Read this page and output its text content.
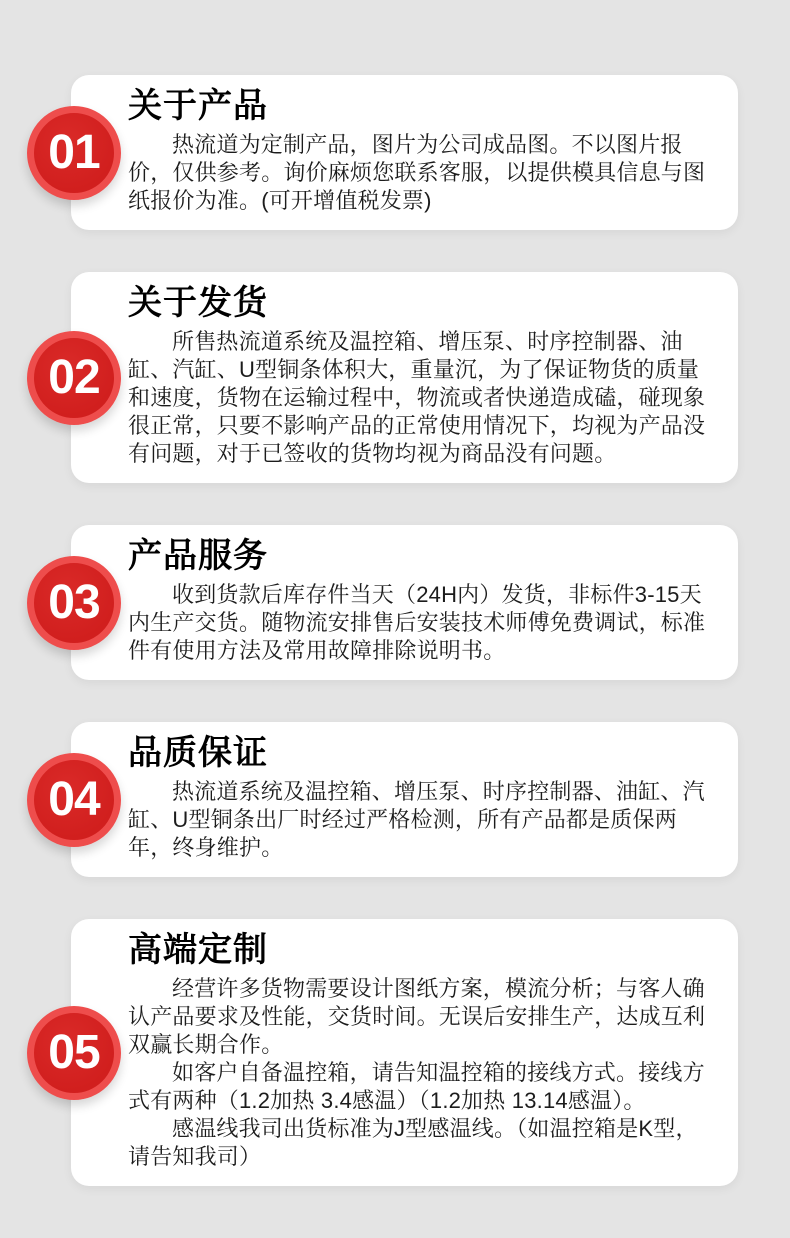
01
关于产品

热流道为定制产品，图片为公司成品图。不以图片报价，仅供参考。询价麻烦您联系客服，以提供模具信息与图纸报价为准。(可开增值税发票)

02
关于发货

所售热流道系统及温控箱、增压泵、时序控制器、油缸、汽缸、U型铜条体积大，重量沉，为了保证物货的质量和速度，货物在运输过程中，物流或者快递造成磕，碰现象很正常，只要不影响产品的正常使用情况下，均视为产品没有问题，对于已签收的货物均视为商品没有问题。

03
产品服务

收到货款后库存件当天（24H内）发货，非标件3-15天内生产交货。随物流安排售后安装技术师傅免费调试，标准件有使用方法及常用故障排除说明书。

04
品质保证

热流道系统及温控箱、增压泵、时序控制器、油缸、汽缸、U型铜条出厂时经过严格检测，所有产品都是质保两年，终身维护。

05
高端定制

经营许多货物需要设计图纸方案，模流分析；与客人确认产品要求及性能，交货时间。无误后安排生产，达成互利双赢长期合作。

如客户自备温控箱，请告知温控箱的接线方式。接线方式有两种（1.2加热 3.4感温）（1.2加热 13.14感温）。

感温线我司出货标准为J型感温线。（如温控箱是K型，请告知我司）
